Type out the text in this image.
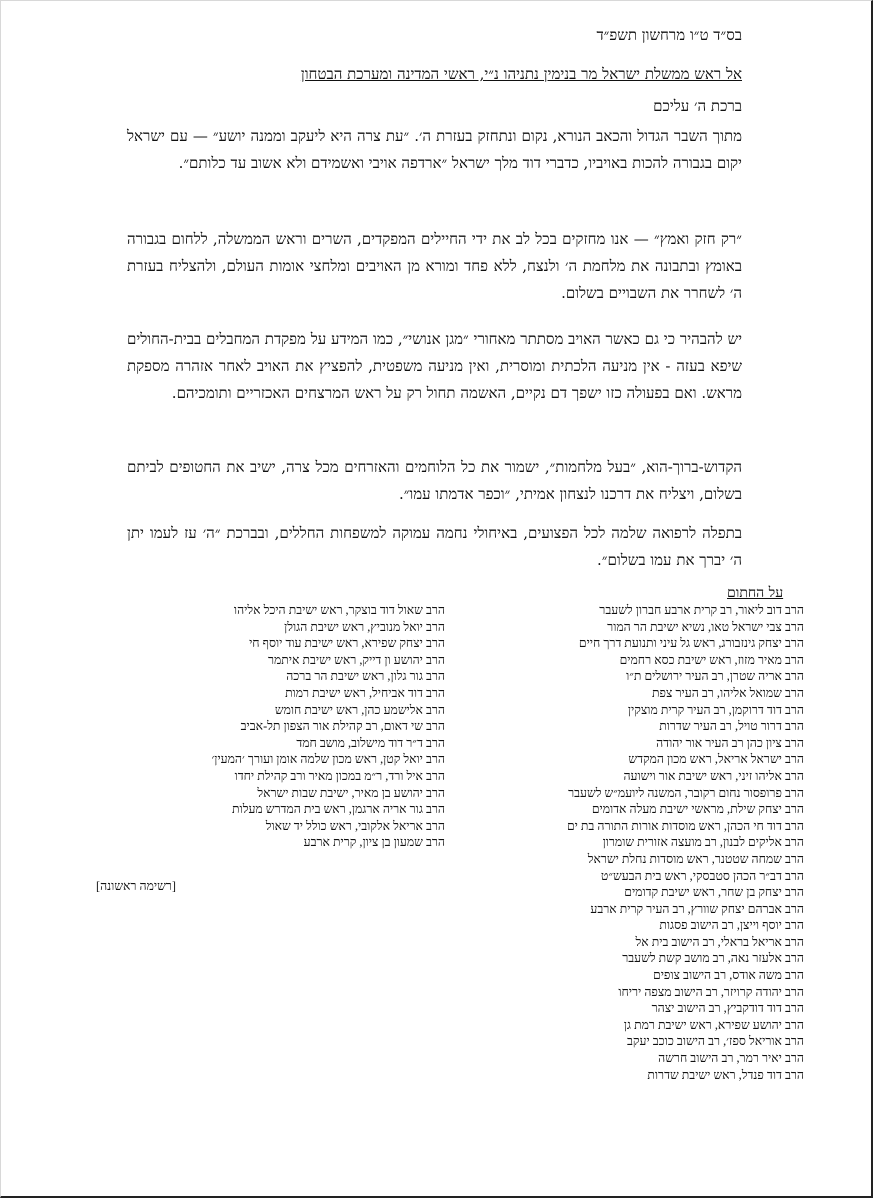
בס״ד ט״ו מרחשון תשפ״ד
אל ראש ממשלת ישראל מר בנימין נתניהו נ״י, ראשי המדינה ומערכת הבטחון
ברכת ה׳ עליכם

מתוך השבר הגדול והכאב הנורא, נקום ונתחזק בעזרת ה׳. ״עת צרה היא ליעקב וממנה יושע״ — עם ישראל יקום בגבורה להכות באויביו, כדברי דוד מלך ישראל ״ארדפה אויבי ואשמידם ולא אשוב עד כלותם״.

״רק חזק ואמץ״ — אנו מחזקים בכל לב את ידי החיילים המפקדים, השרים וראש הממשלה, ללחום בגבורה באומץ ובתבונה את מלחמת ה׳ ולנצח, ללא פחד ומורא מן האויבים ומלחצי אומות העולם, ולהצליח בעזרת ה׳ לשחרר את השבויים בשלום.

יש להבהיר כי גם כאשר האויב מסתתר מאחורי ״מגן אנושי״, כמו המידע על מפקדת המחבלים בבית-החולים שיפא בעזה - אין מניעה הלכתית ומוסרית, ואין מניעה משפטית, להפציץ את האויב לאחר אזהרה מספקת מראש. ואם בפעולה כזו ישפך דם נקיים, האשמה תחול רק על ראש המרצחים האכזריים ותומכיהם.

הקדוש-ברוך-הוא, ״בעל מלחמות״, ישמור את כל הלוחמים והאזרחים מכל צרה, ישיב את החטופים לביתם בשלום, ויצליח את דרכנו לנצחון אמיתי, ״וכפר אדמתו עמו״.

בתפלה לרפואה שלמה לכל הפצועים, באיחולי נחמה עמוקה למשפחות החללים, ובברכת ״ה׳ עז לעמו יתן ה׳ יברך את עמו בשלום״.

על החתום
הרב דוב ליאור, רב קרית ארבע חברון לשעבר
הרב צבי ישראל טאו, נשיא ישיבת הר המור
הרב יצחק גינזבורג, ראש גל עיני ותנועת דרך חיים
הרב מאיר מזוז, ראש ישיבת כסא רחמים
הרב אריה שטרן, רב העיר ירושלים ת״ו
הרב שמואל אליהו, רב העיר צפת
הרב דוד דרוקמן, רב העיר קרית מוצקין
הרב דרור טויל, רב העיר שדרות
הרב ציון כהן רב העיר אור יהודה
הרב ישראל אריאל, ראש מכון המקדש
הרב אליהו זיני, ראש ישיבת אור וישועה
הרב פרופסור נחום רקובר, המשנה ליועמ״ש לשעבר
הרב יצחק שילת, מראשי ישיבת מעלה אדומים
הרב דוד חי הכהן, ראש מוסדות אורות התורה בת ים
הרב אליקים לבנון, רב מועצה אזורית שומרון
הרב שמחה שטטנר, ראש מוסדות נחלת ישראל
הרב דב״ר הכהן סטבסקי, ראש בית הבעש״ט
הרב יצחק בן שחר, ראש ישיבת קדומים
הרב אברהם יצחק שוורץ, רב העיר קרית ארבע
הרב יוסף וייצן, רב הישוב פסגות
הרב אריאל בראלי, רב הישוב בית אל
הרב אלעזר נאה, רב מושב קשת לשעבר
הרב משה אודס, רב הישוב צופים
הרב יהודה קרויזר, רב הישוב מצפה יריחו
הרב דוד דודקביץ, רב הישוב יצהר
הרב יהושע שפירא, ראש ישיבת רמת גן
הרב אוריאל ספז׳, רב הישוב כוכב יעקב
הרב יאיר רמר, רב הישוב חרשה
הרב דוד פנדל, ראש ישיבת שדרות
הרב שאול דוד בוצקר, ראש ישיבת היכל אליהו
הרב יואל מנוביץ, ראש ישיבת הגולן
הרב יצחק שפירא, ראש ישיבת עוד יוסף חי
הרב יהושע ון דייק, ראש ישיבת איתמר
הרב גור גלון, ראש ישיבת הר ברכה
הרב דוד אביחיל, ראש ישיבת רמות
הרב אלישמע כהן, ראש ישיבת חומש
הרב שי דאום, רב קהילת אור הצפון תל-אביב
הרב ד״ר דוד מישלוב, מושב חמד
הרב יואל קטן, ראש מכון שלמה אומן ועורך ׳המעין׳
הרב איל ורד, ר״מ במכון מאיר ורב קהילת יחדו
הרב יהושע בן מאיר, ישיבת שבות ישראל
הרב גור אריה ארגמן, ראש בית המדרש מעלות
הרב אריאל אלקובי, ראש כולל יד שאול
הרב שמעון בן ציון, קרית ארבע
[רשימה ראשונה]
